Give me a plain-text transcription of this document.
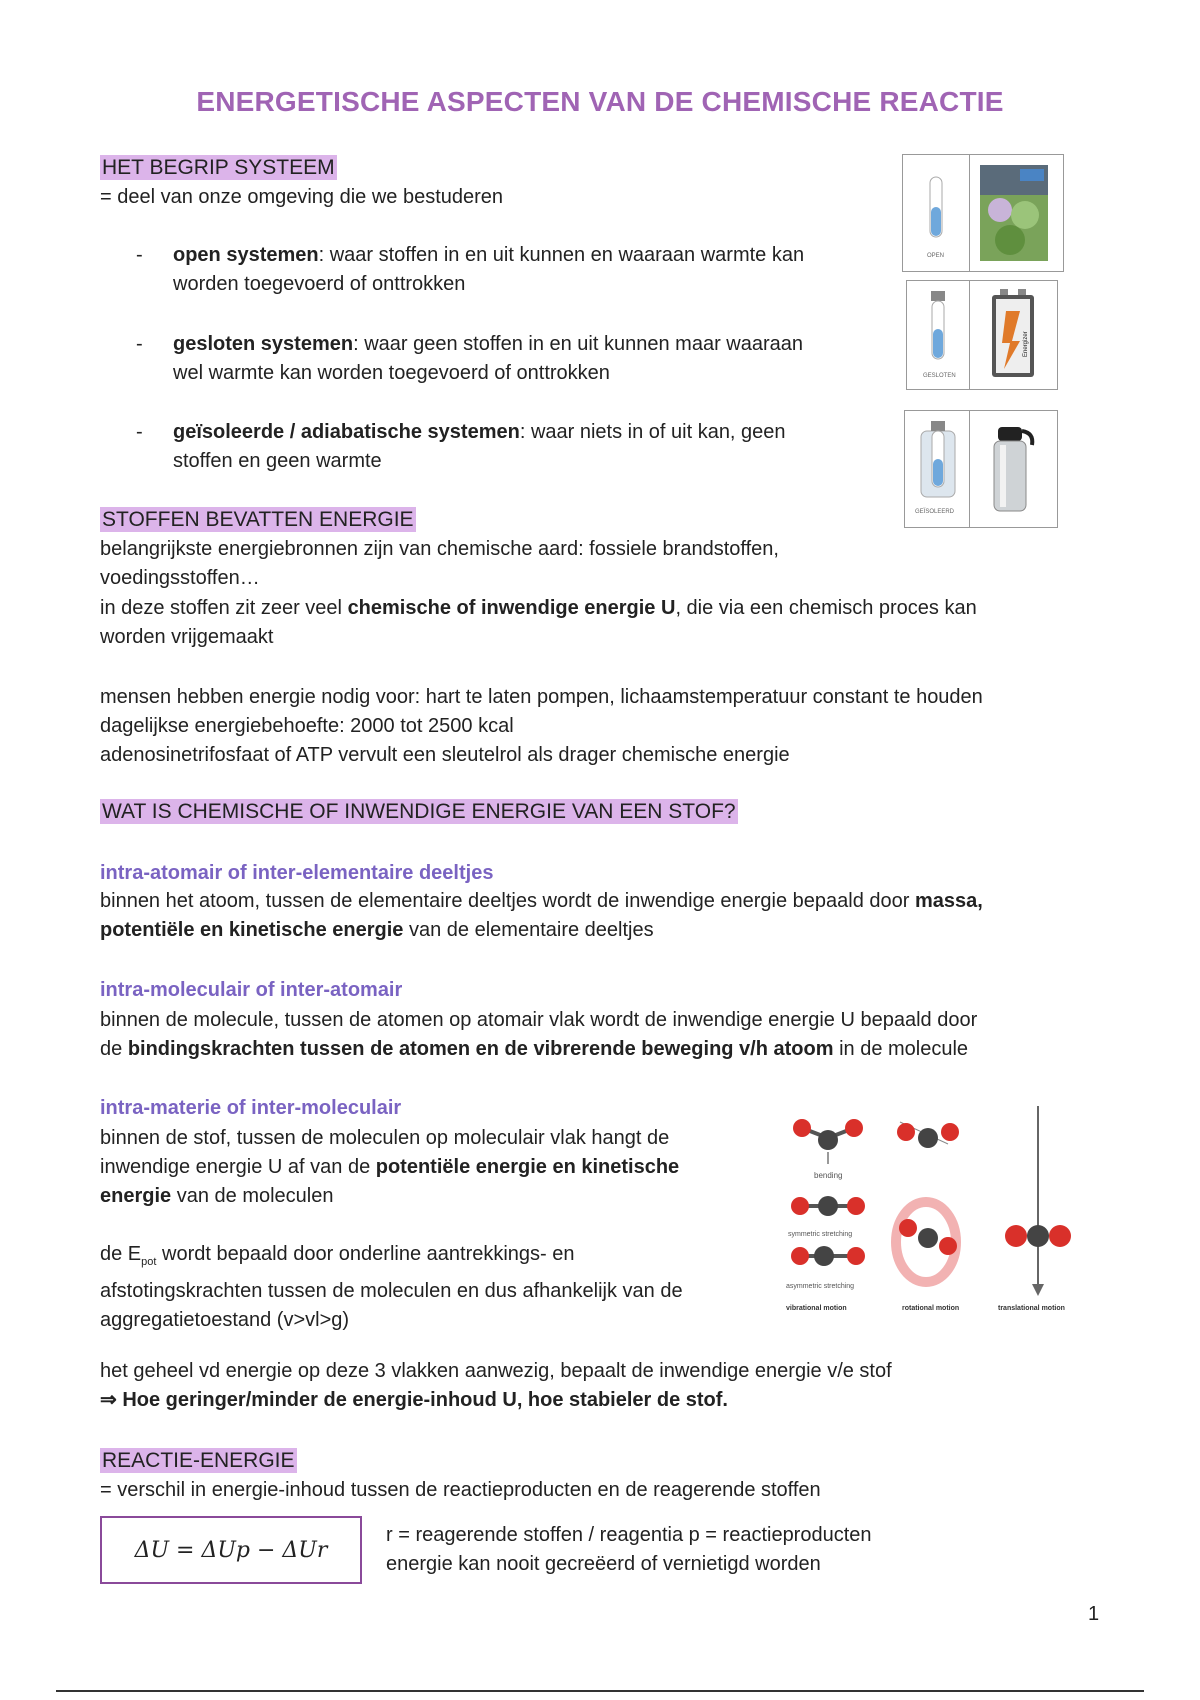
ENERGETISCHE ASPECTEN VAN DE CHEMISCHE REACTIE
HET BEGRIP SYSTEEM
= deel van onze omgeving die we bestuderen
- open systemen: waar stoffen in en uit kunnen en waaraan warmte kan
worden toegevoerd of onttrokken
- gesloten systemen: waar geen stoffen in en uit kunnen maar waaraan
wel warmte kan worden toegevoerd of onttrokken
- geïsoleerde / adiabatische systemen: waar niets in of uit kan, geen
stoffen en geen warmte
OPEN
GESLOTEN
Energizer
GEÏSOLEERD
STOFFEN BEVATTEN ENERGIE
belangrijkste energiebronnen zijn van chemische aard: fossiele brandstoffen,
voedingsstoffen…
in deze stoffen zit zeer veel chemische of inwendige energie U, die via een chemisch proces kan
worden vrijgemaakt
mensen hebben energie nodig voor: hart te laten pompen, lichaamstemperatuur constant te houden
dagelijkse energiebehoefte: 2000 tot 2500 kcal
adenosinetrifosfaat of ATP vervult een sleutelrol als drager chemische energie
WAT IS CHEMISCHE OF INWENDIGE ENERGIE VAN EEN STOF?
intra-atomair of inter-elementaire deeltjes
binnen het atoom, tussen de elementaire deeltjes wordt de inwendige energie bepaald door massa,
potentiële en kinetische energie van de elementaire deeltjes
intra-moleculair of inter-atomair
binnen de molecule, tussen de atomen op atomair vlak wordt de inwendige energie U bepaald door
de bindingskrachten tussen de atomen en de vibrerende beweging v/h atoom in de molecule
intra-materie of inter-moleculair
binnen de stof, tussen de moleculen op moleculair vlak hangt de
inwendige energie U af van de potentiële energie en kinetische
energie van de moleculen
de $E_{pot}$ wordt bepaald door onderline aantrekkings- en
afstotingskrachten tussen de moleculen en dus afhankelijk van de
aggregatietoestand (v>vl>g)
bending
symmetric stretching
asymmetric stretching
vibrational motion	rotational motion	translational motion
het geheel vd energie op deze 3 vlakken aanwezig, bepaalt de inwendige energie v/e stof
⇒ Hoe geringer/minder de energie-inhoud U, hoe stabieler de stof.
REACTIE-ENERGIE
= verschil in energie-inhoud tussen de reactieproducten en de reagerende stoffen
ΔU = ΔUp − ΔUr
r = reagerende stoffen / reagentia p = reactieproducten
energie kan nooit gecreëerd of vernietigd worden
1
